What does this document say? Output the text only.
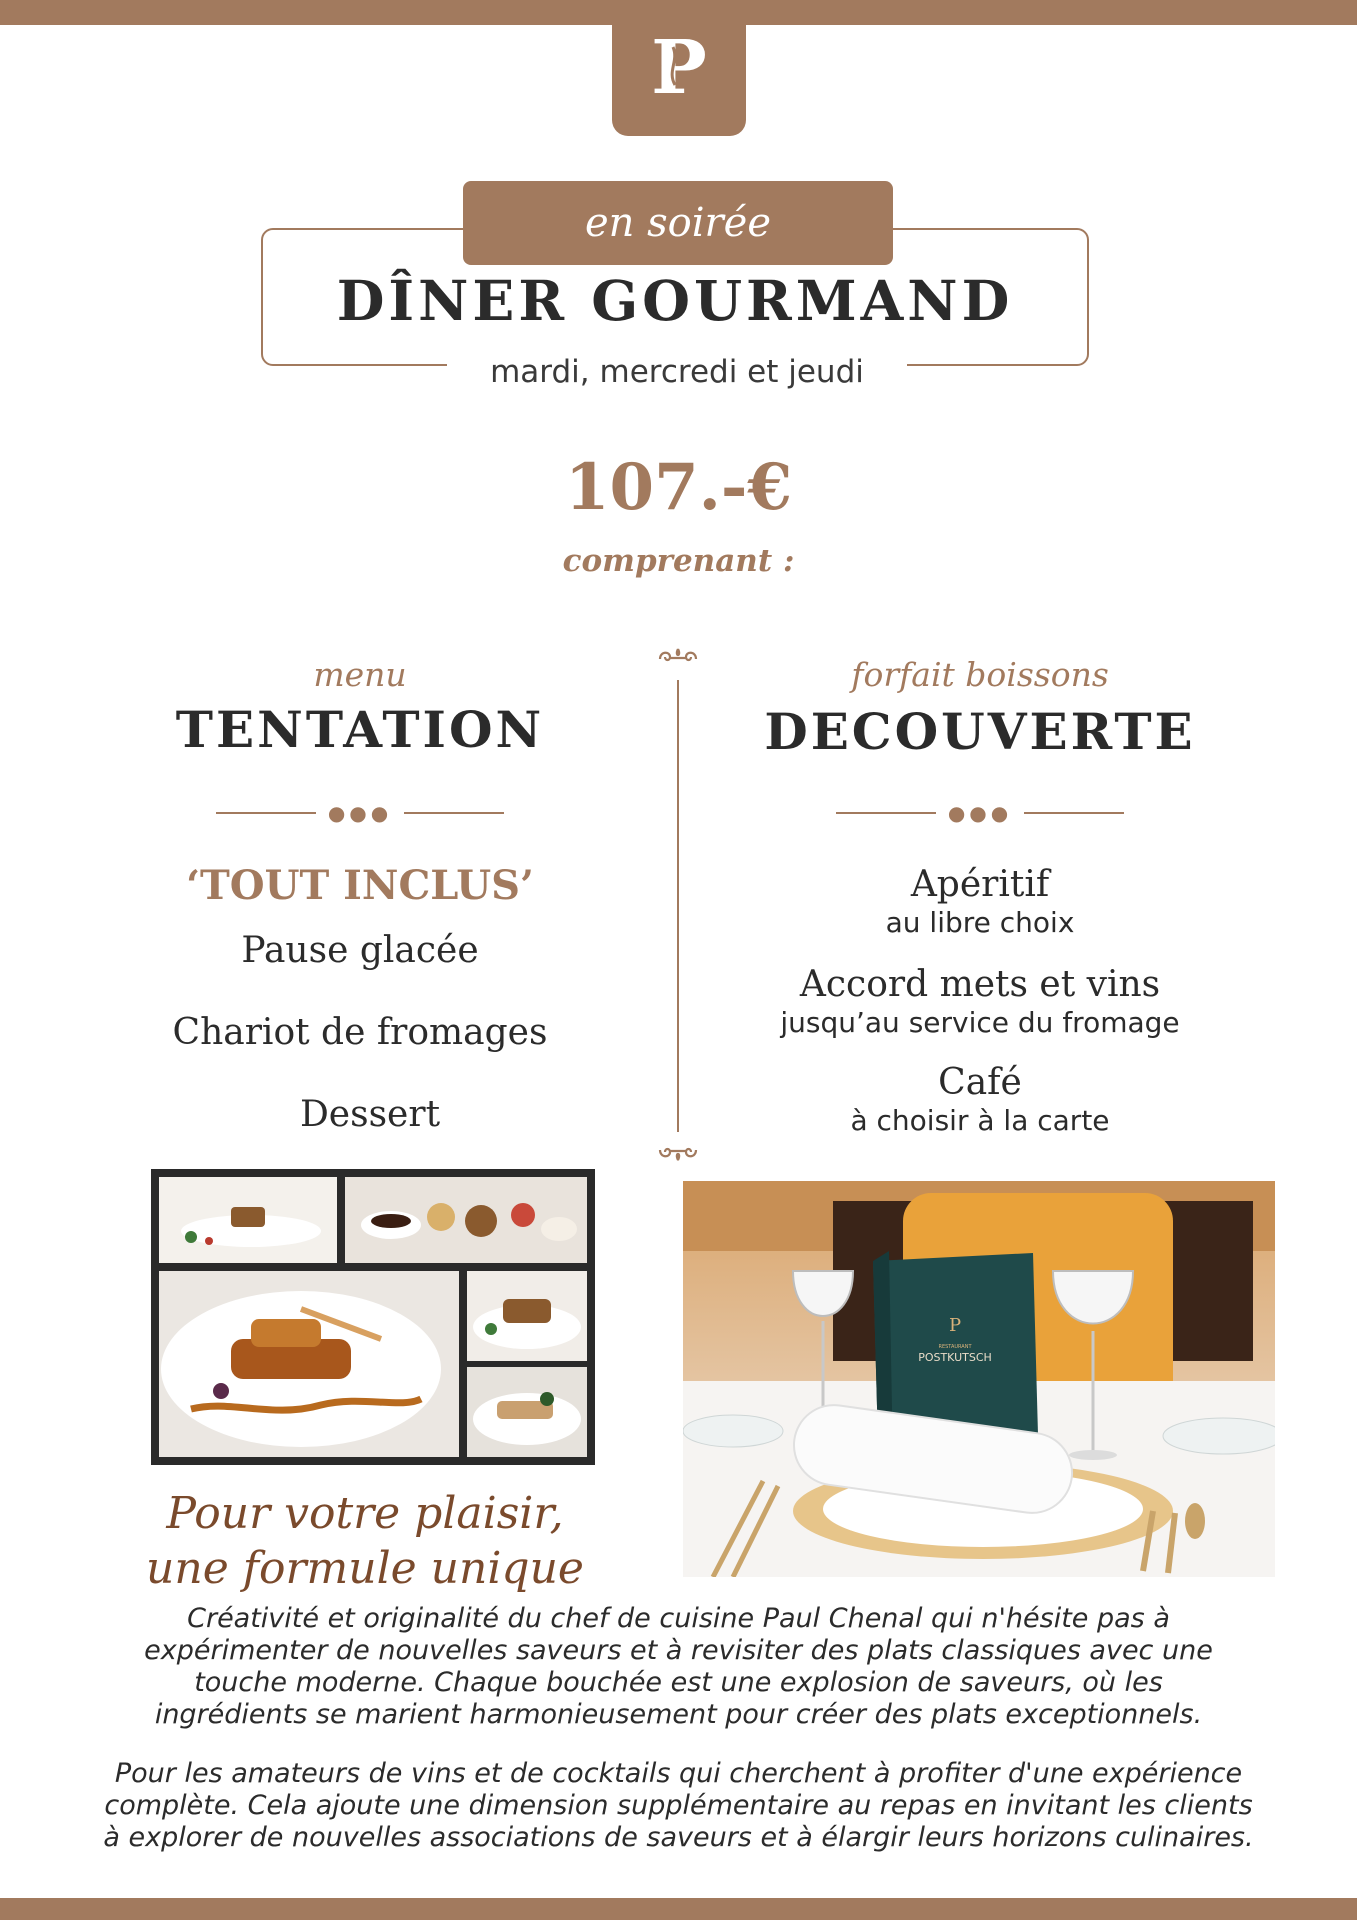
P
en soirée
DÎNER GOURMAND
mardi, mercredi et jeudi
107.-€
comprenant :
menu
TENTATION
●●●
‘TOUT INCLUS’
Pause glacée
Chariot de fromages
Dessert
forfait boissons
DECOUVERTE
●●●
Apéritif
au libre choix
Accord mets et vins
jusqu’au service du fromage
Café
à choisir à la carte
P
RESTAURANT
POSTKUTSCH
Pour votre plaisir,
une formule unique
Créativité et originalité du chef de cuisine Paul Chenal qui n'hésite pas à
expérimenter de nouvelles saveurs et à revisiter des plats classiques avec une
touche moderne. Chaque bouchée est une explosion de saveurs, où les
ingrédients se marient harmonieusement pour créer des plats exceptionnels.
Pour les amateurs de vins et de cocktails qui cherchent à profiter d'une expérience
complète. Cela ajoute une dimension supplémentaire au repas en invitant les clients
à explorer de nouvelles associations de saveurs et à élargir leurs horizons culinaires.
